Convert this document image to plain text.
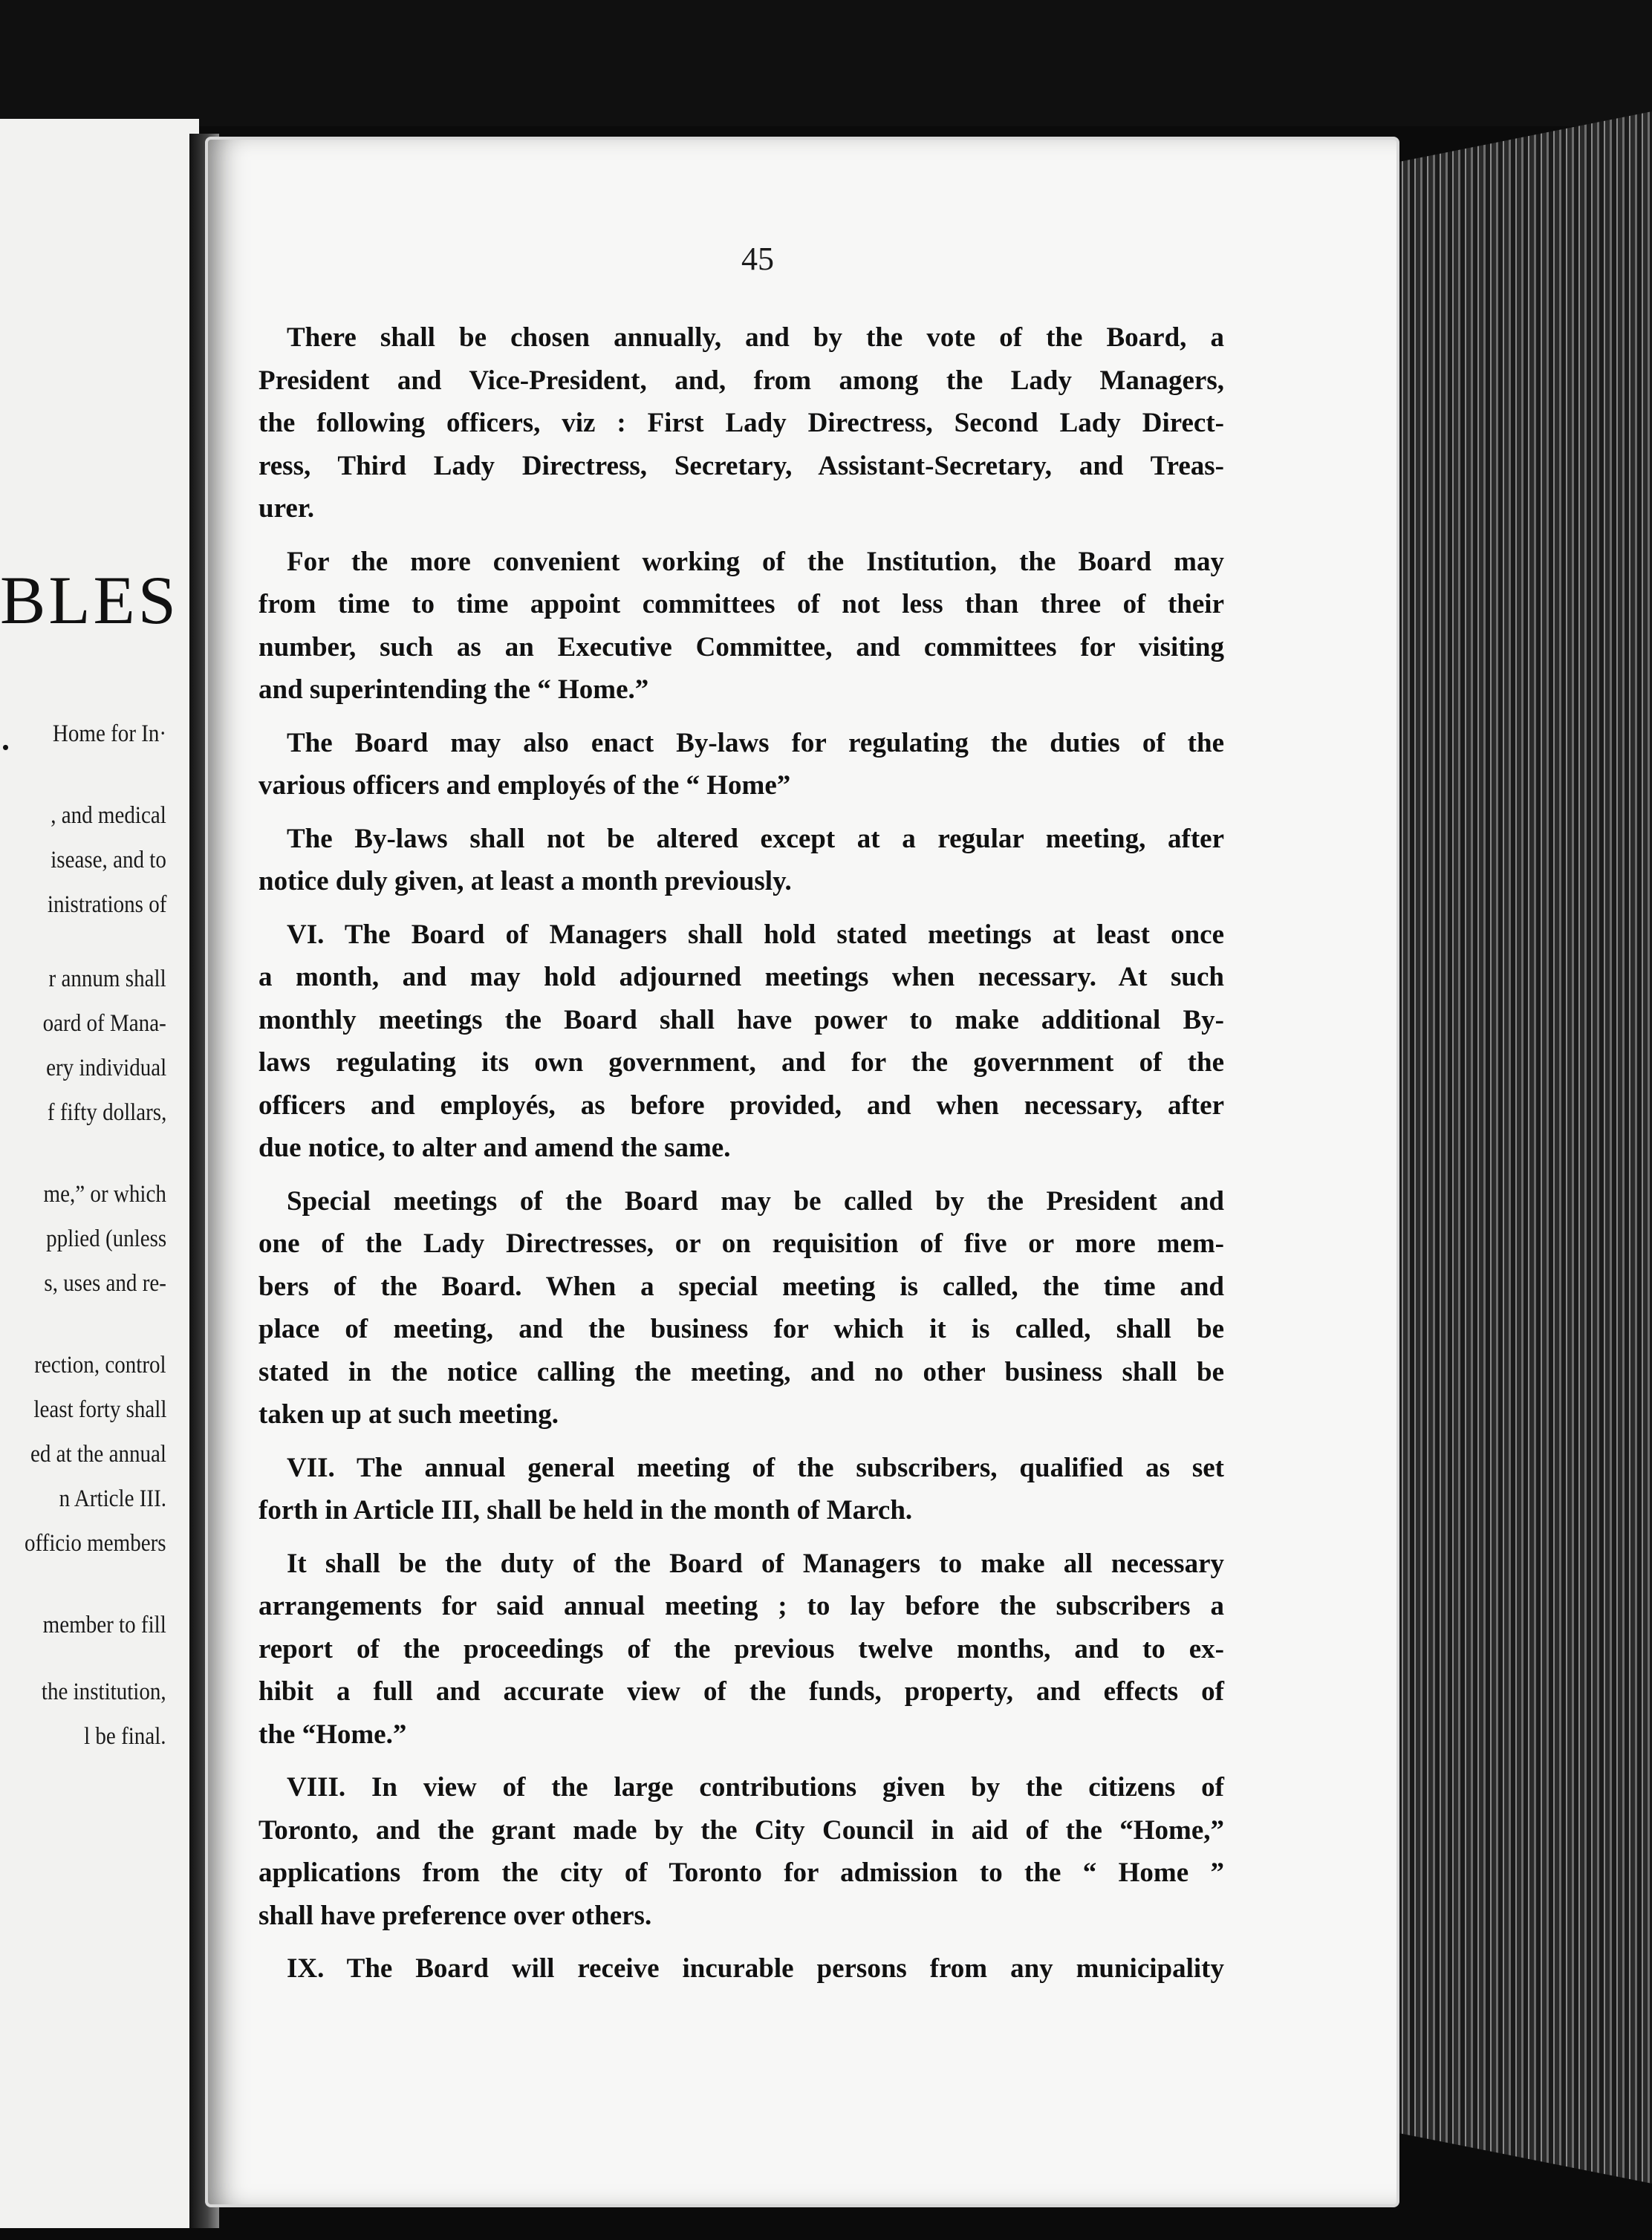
BLES
. Home for In·
, and medical
isease, and to
inistrations of
r annum shall
oard of Mana-
ery individual
f fifty dollars,
me,” or which
pplied (unless
s, uses and re-
rection, control
least forty shall
ed at the annual
n Article III.
officio members
member to fill
the institution,
l be final.
45
There shall be chosen annually, and by the vote of the Board, a
President and Vice-President, and, from among the Lady Managers,
the following officers, viz : First Lady Directress, Second Lady Direct-
ress, Third Lady Directress, Secretary, Assistant-Secretary, and Treas-
urer.
For the more convenient working of the Institution, the Board may
from time to time appoint committees of not less than three of their
number, such as an Executive Committee, and committees for visiting
and superintending the “ Home.”
The Board may also enact By-laws for regulating the duties of the
various officers and employés of the “ Home”
The By-laws shall not be altered except at a regular meeting, after
notice duly given, at least a month previously.
VI. The Board of Managers shall hold stated meetings at least once
a month, and may hold adjourned meetings when necessary. At such
monthly meetings the Board shall have power to make additional By-
laws regulating its own government, and for the government of the
officers and employés, as before provided, and when necessary, after
due notice, to alter and amend the same.
Special meetings of the Board may be called by the President and
one of the Lady Directresses, or on requisition of five or more mem-
bers of the Board. When a special meeting is called, the time and
place of meeting, and the business for which it is called, shall be
stated in the notice calling the meeting, and no other business shall be
taken up at such meeting.
VII. The annual general meeting of the subscribers, qualified as set
forth in Article III, shall be held in the month of March.
It shall be the duty of the Board of Managers to make all necessary
arrangements for said annual meeting ; to lay before the subscribers a
report of the proceedings of the previous twelve months, and to ex-
hibit a full and accurate view of the funds, property, and effects of
the “Home.”
VIII. In view of the large contributions given by the citizens of
Toronto, and the grant made by the City Council in aid of the “Home,”
applications from the city of Toronto for admission to the “ Home ”
shall have preference over others.
IX. The Board will receive incurable persons from any municipality
